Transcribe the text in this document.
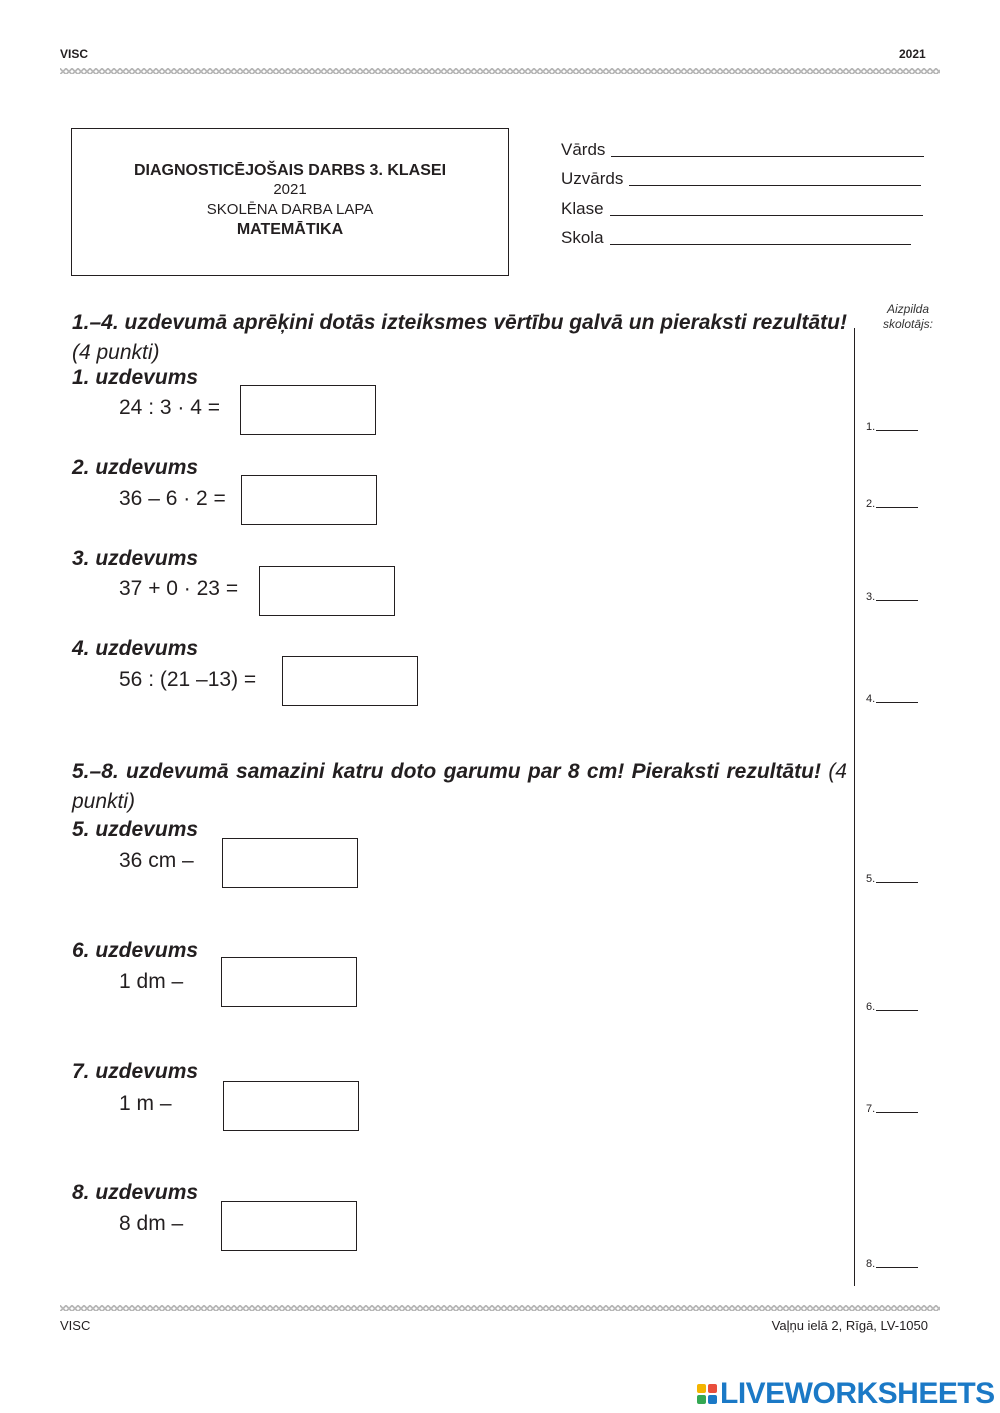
VISC	2021
DIAGNOSTICĒJOŠAIS DARBS 3. KLASEI
2021
SKOLĒNA DARBA LAPA
MATEMĀTIKA
Vārds
Uzvārds
Klase
Skola
Aizpilda
skolotājs:
1.
2.
3.
4.
5.
6.
7.
8.
1.–4. uzdevumā aprēķini dotās izteiksmes vērtību galvā un pieraksti rezultātu! (4 punkti)
1. uzdevums
24 : 3 · 4 =
2. uzdevums
36 – 6 · 2 =
3. uzdevums
37 + 0 · 23 =
4. uzdevums
56 : (21 –13) =
5.–8. uzdevumā samazini katru doto garumu par 8 cm! Pieraksti rezultātu! (4 punkti)
5. uzdevums
36 cm –
6. uzdevums
1 dm –
7. uzdevums
1 m –
8. uzdevums
8 dm –
VISC	Vaļņu ielā 2, Rīgā, LV-1050
LIVEWORKSHEETS
